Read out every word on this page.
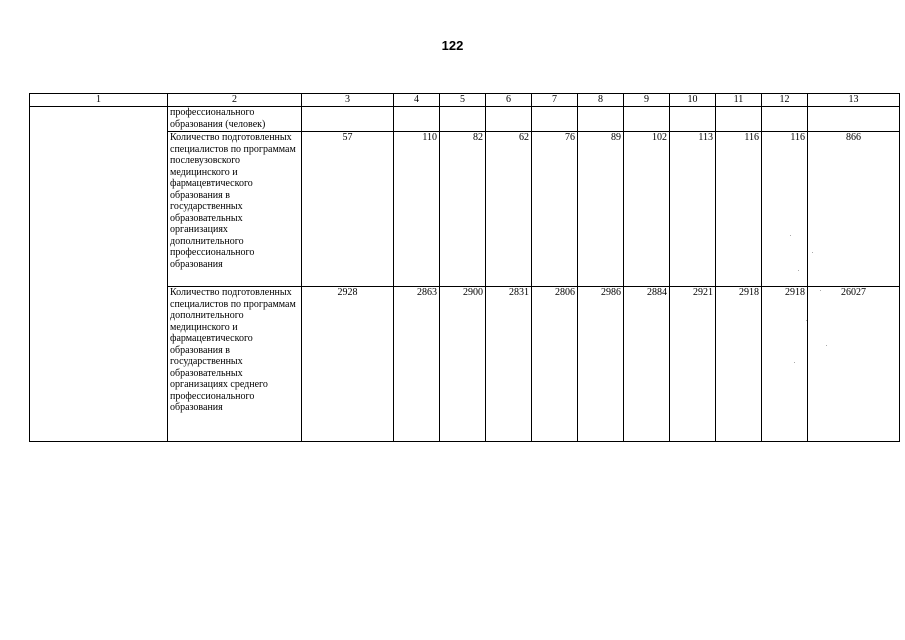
122
1	2	3	4	5	6	7	8	9	10	11	12	13
	профессионального образования (человек)											
	Количество подготовленных специалистов по программам послевузовского медицинского и фармацевтического образования в государственных образовательных организациях дополнительного профессионального образования	57	110	82	62	76	89	102	113	116	116	866
	Количество подготовленных специалистов по программам дополнительного медицинского и фармацевтического образования в государственных образовательных организациях среднего профессионального образования	2928	2863	2900	2831	2806	2986	2884	2921	2918	2918	26027
